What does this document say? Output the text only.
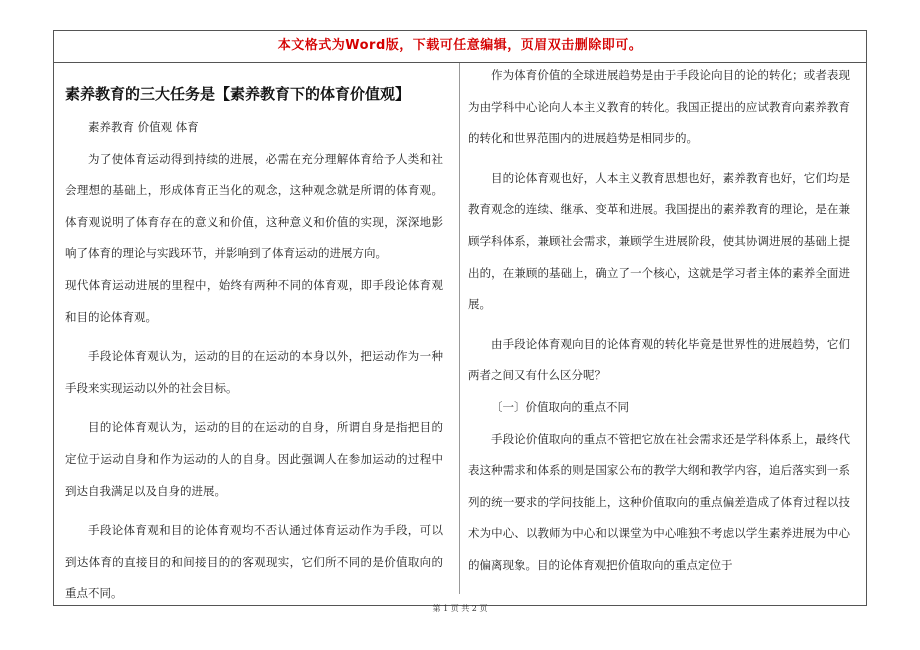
本文格式为Word版，下载可任意编辑，页眉双击删除即可。
素养教育的三大任务是【素养教育下的体育价值观】

素养教育 价值观 体育

为了使体育运动得到持续的进展，必需在充分理解体育给予人类和社会理想的基础上，形成体育正当化的观念，这种观念就是所谓的体育观。体育观说明了体育存在的意义和价值，这种意义和价值的实现，深深地影响了体育的理论与实践环节，并影响到了体育运动的进展方向。

现代体育运动进展的里程中，始终有两种不同的体育观，即手段论体育观和目的论体育观。

手段论体育观认为，运动的目的在运动的本身以外，把运动作为一种手段来实现运动以外的社会目标。

目的论体育观认为，运动的目的在运动的自身，所谓自身是指把目的定位于运动自身和作为运动的人的自身。因此强调人在参加运动的过程中到达自我满足以及自身的进展。

手段论体育观和目的论体育观均不否认通过体育运动作为手段，可以到达体育的直接目的和间接目的的客观现实，它们所不同的是价值取向的重点不同。

作为体育价值的全球进展趋势是由于手段论向目的论的转化；或者表现为由学科中心论向人本主义教育的转化。我国正提出的应试教育向素养教育的转化和世界范围内的进展趋势是相同步的。

目的论体育观也好，人本主义教育思想也好，素养教育也好，它们均是教育观念的连续、继承、变革和进展。我国提出的素养教育的理论，是在兼顾学科体系，兼顾社会需求，兼顾学生进展阶段，使其协调进展的基础上提出的，在兼顾的基础上，确立了一个核心，这就是学习者主体的素养全面进展。

由手段论体育观向目的论体育观的转化毕竟是世界性的进展趋势，它们两者之间又有什么区分呢？

〔一〕价值取向的重点不同

手段论价值取向的重点不管把它放在社会需求还是学科体系上，最终代表这种需求和体系的则是国家公布的教学大纲和教学内容，追后落实到一系列的统一要求的学问技能上，这种价值取向的重点偏差造成了体育过程以技术为中心、以教师为中心和以课堂为中心唯独不考虑以学生素养进展为中心的偏离现象。目的论体育观把价值取向的重点定位于

第 1 页 共 2 页
